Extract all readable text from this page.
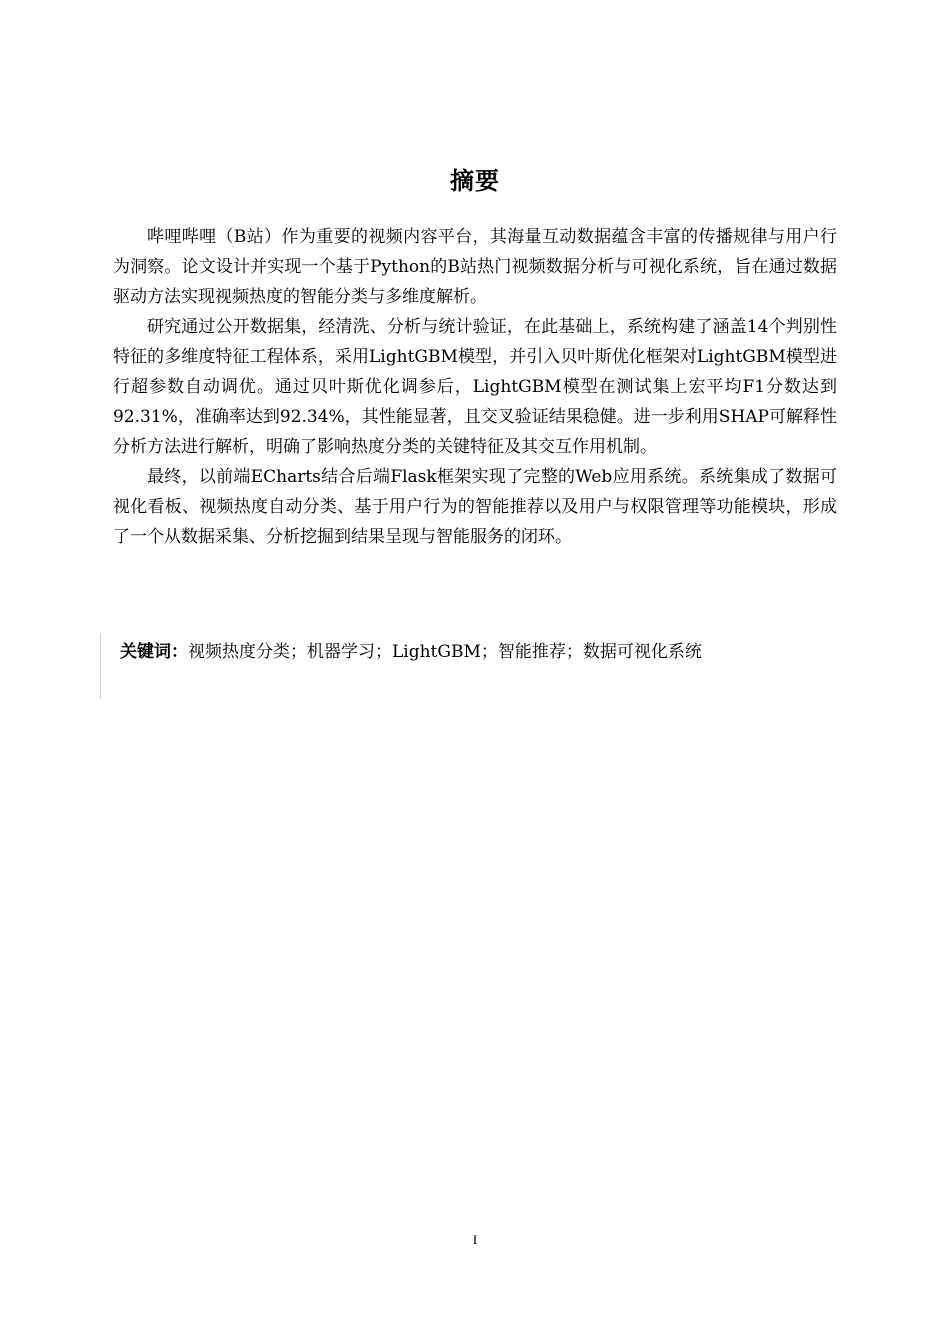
摘要

哔哩哔哩（B站）作为重要的视频内容平台，其海量互动数据蕴含丰富的传播规律与用户行为洞察。论文设计并实现一个基于Python的B站热门视频数据分析与可视化系统，旨在通过数据驱动方法实现视频热度的智能分类与多维度解析。

研究通过公开数据集，经清洗、分析与统计验证，在此基础上，系统构建了涵盖14个判别性特征的多维度特征工程体系，采用LightGBM模型，并引入贝叶斯优化框架对LightGBM模型进行超参数自动调优。通过贝叶斯优化调参后，LightGBM模型在测试集上宏平均F1分数达到92.31%，准确率达到92.34%，其性能显著，且交叉验证结果稳健。进一步利用SHAP可解释性分析方法进行解析，明确了影响热度分类的关键特征及其交互作用机制。

最终，以前端ECharts结合后端Flask框架实现了完整的Web应用系统。系统集成了数据可视化看板、视频热度自动分类、基于用户行为的智能推荐以及用户与权限管理等功能模块，形成了一个从数据采集、分析挖掘到结果呈现与智能服务的闭环。

关键词：视频热度分类；机器学习；LightGBM；智能推荐；数据可视化系统
I
